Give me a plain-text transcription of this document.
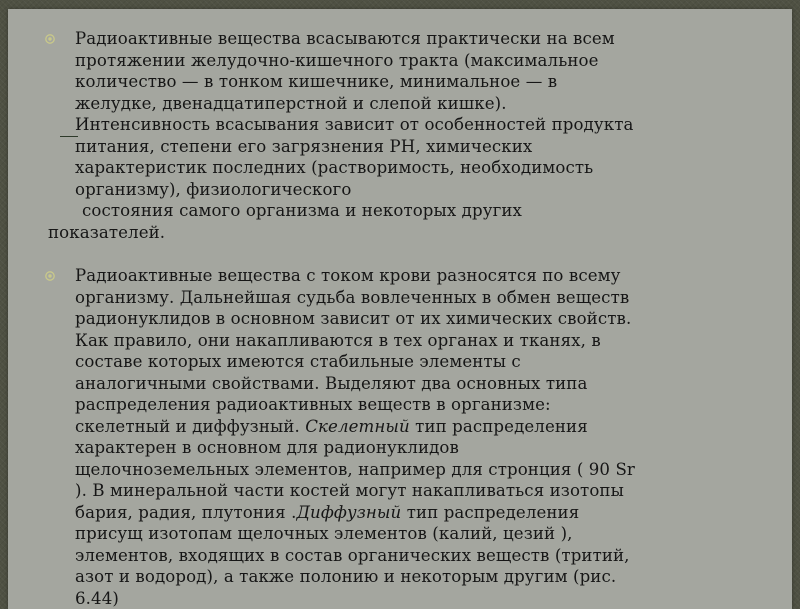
Радиоактивные вещества всасываются практически на всем
протяжении желудочно-кишечного тракта (максимальное
количество — в тонком кишечнике, минимальное — в
желудке, двенадцатиперстной и слепой кишке).
Интенсивность всасывания зависит от особенностей продукта
питания, степени его загрязнения РН, химических
характеристик последних (растворимость, необходимость
организму), физиологического
состояния самого организма и некоторых других
показателей.
Радиоактивные вещества с током крови разносятся по всему
организму. Дальнейшая судьба вовлеченных в обмен веществ
радионуклидов в основном зависит от их химических свойств.
Как правило, они накапливаются в тех органах и тканях, в
составе которых имеются стабильные элементы с
аналогичными свойствами. Выделяют два основных типа
распределения радиоактивных веществ в организме:
скелетный и диффузный. Скелетный тип распределения
характерен в основном для радионуклидов
щелочноземельных элементов, например для стронция ( 90 Sr
). В минеральной части костей могут накапливаться изотопы
бария, радия, плутония .Диффузный тип распределения
присущ изотопам щелочных элементов (калий, цезий ),
элементов, входящих в состав органических веществ (тритий,
азот и водород), а также полонию и некоторым другим (рис.
6.44)
